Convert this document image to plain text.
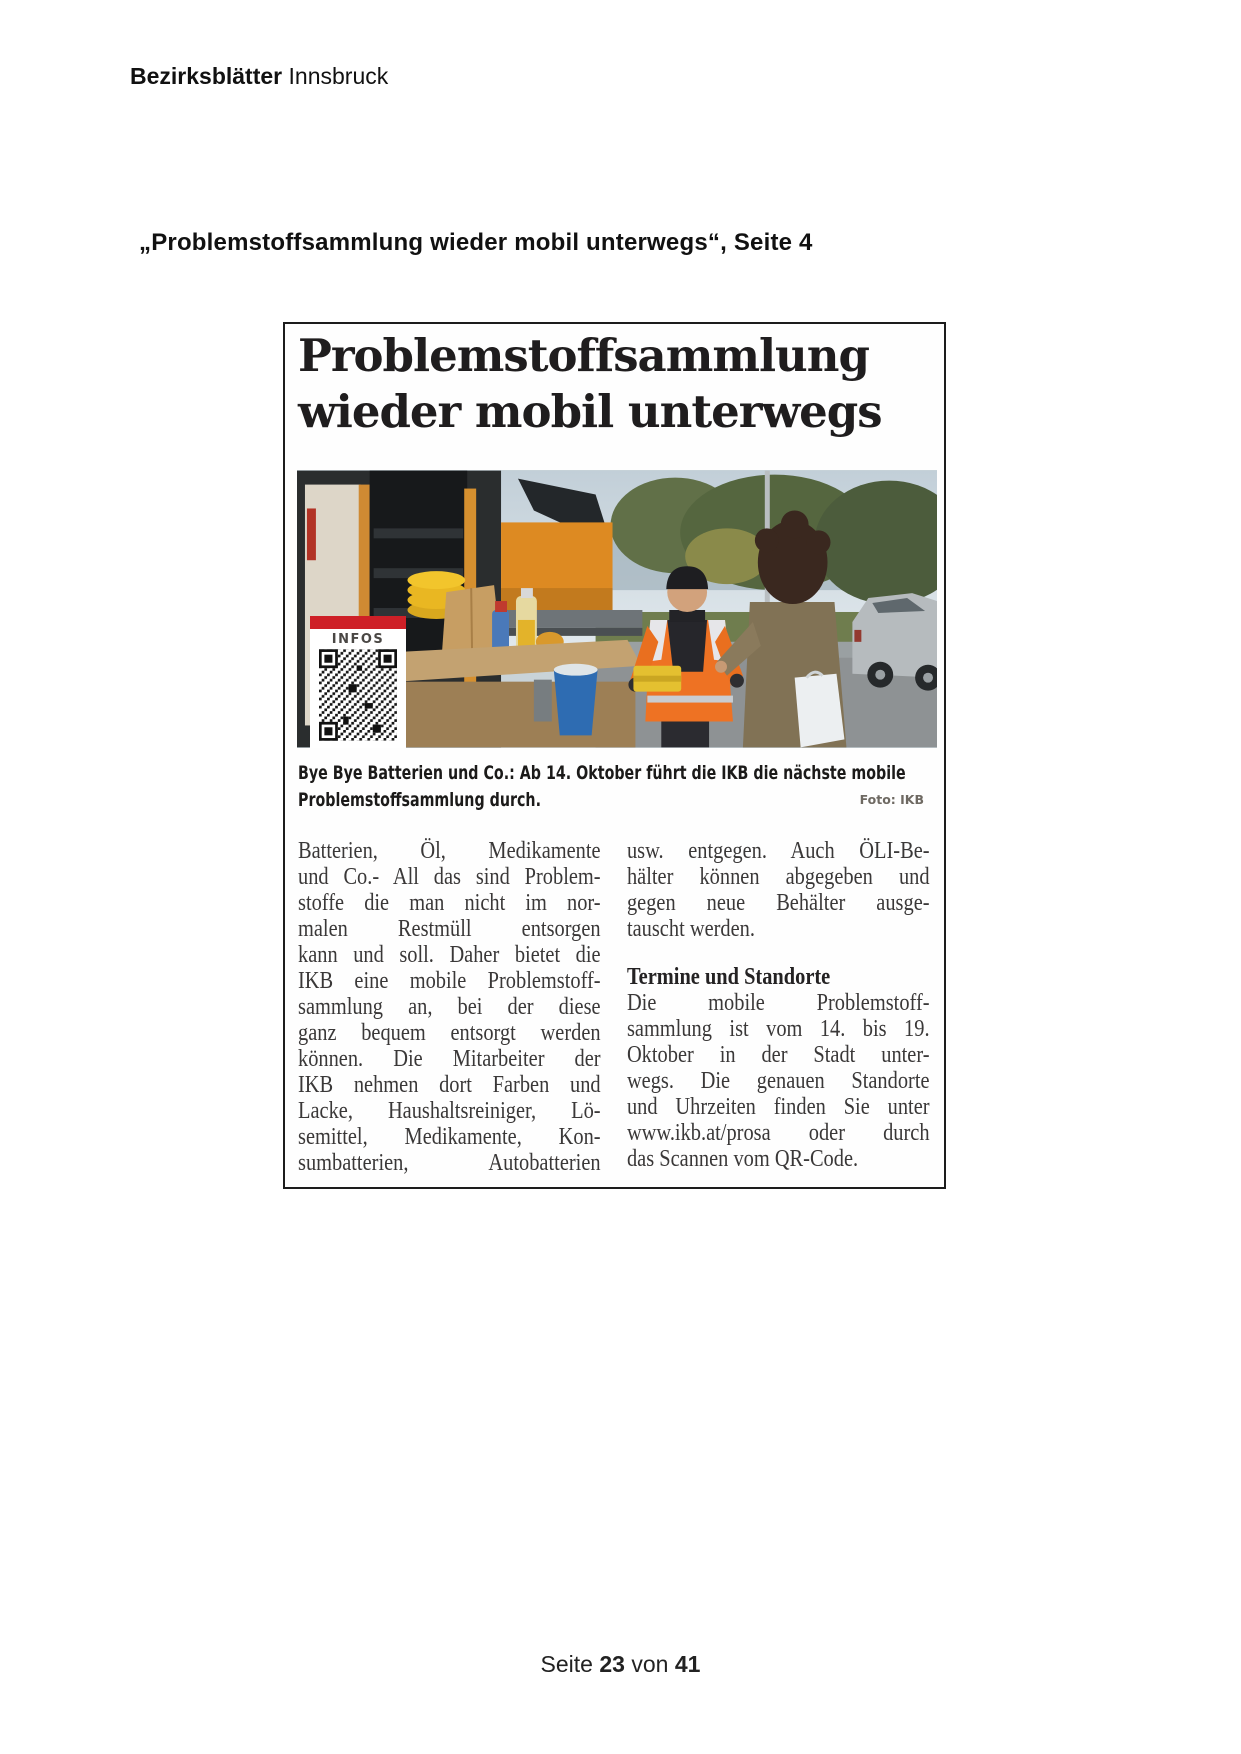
Bezirksblätter Innsbruck
„Problemstoffsammlung wieder mobil unterwegs“, Seite 4
Problemstoffsammlung
wieder mobil unterwegs
INFOS
Bye Bye Batterien und Co.: Ab 14. Oktober führt die IKB die nächste mobile
Problemstoffsammlung durch.	Foto: IKB
Batterien, Öl, Medikamente
und Co.- All das sind Problem-
stoffe die man nicht im nor-
malen Restmüll entsorgen
kann und soll. Daher bietet die
IKB eine mobile Problemstoff-
sammlung an, bei der diese
ganz bequem entsorgt werden
können. Die Mitarbeiter der
IKB nehmen dort Farben und
Lacke, Haushaltsreiniger, Lö-
semittel, Medikamente, Kon-
sumbatterien, Autobatterien
usw. entgegen. Auch ÖLI-Be-
hälter können abgegeben und
gegen neue Behälter ausge-
tauscht werden.
Termine und Standorte
Die mobile Problemstoff-
sammlung ist vom 14. bis 19.
Oktober in der Stadt unter-
wegs. Die genauen Standorte
und Uhrzeiten finden Sie unter
www.ikb.at/prosa oder durch
das Scannen vom QR-Code.
Seite 23 von 41
